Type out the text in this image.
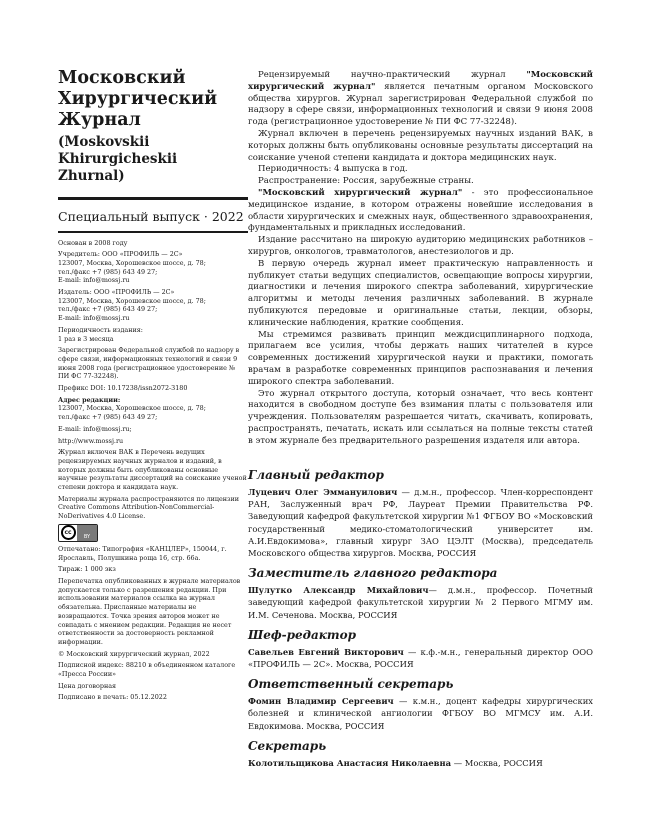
Московский
Хирургический
Журнал
(Moskovskii
Khirurgicheskii
Zhurnal)
Специальный выпуск · 2022

Основан в 2008 году

Учредитель: ООО «ПРОФИЛЬ — 2С»
123007, Москва, Хорошевское шоссе, д. 78;
тел./факс +7 (985) 643 49 27;
E-mail: info@mossj.ru

Издатель: ООО «ПРОФИЛЬ — 2С»
123007, Москва, Хорошевское шоссе, д. 78;
тел./факс +7 (985) 643 49 27;
E-mail: info@mossj.ru

Периодичность издания:
1 раз в 3 месяца

Зарегистрирован Федеральной службой по надзору в сфере связи, информационных технологий и связи 9 июня 2008 года (регистрационное удостоверение № ПИ ФС 77-32248).

Префикс DOI: 10.17238/issn2072-3180

Адрес редакции:

123007, Москва, Хорошевское шоссе, д. 78;
тел./факс +7 (985) 643 49 27;

E-mail: info@mossj.ru;

http://www.mossj.ru

Журнал включен ВАК в Перечень ведущих рецензируемых научных журналов и изданий, в которых должны быть опубликованы основные научные результаты диссертаций на соискание ученой степени доктора и кандидата наук.

Материалы журнала распространяются по лицензии Creative Commons Attribution-NonCommercial-NoDerivatives 4.0 License.

cc
BY

Отпечатано: Типография «КАНЦЛЕР», 150044, г. Ярославль, Полушкина роща 16, стр. 66а.

Тираж: 1 000 экз

Перепечатка опубликованных в журнале материалов допускается только с разрешения редакции. При использовании материалов ссылка на журнал обязательна. Присланные материалы не возвращаются. Точка зрения авторов может не совпадать с мнением редакции. Редакция не несет ответственности за достоверность рекламной информации.

© Московский хирургический журнал, 2022

Подписной индекс: 88210 в объединенном каталоге «Пресса России»

Цена договорная

Подписано в печать: 05.12.2022

Рецензируемый научно-практический журнал "Московский хирургический журнал" является печатным органом Московского общества хирургов. Журнал зарегистрирован Федеральной службой по надзору в сфере связи, информационных технологий и связи 9 июня 2008 года (регистрационное удостоверение № ПИ ФС 77-32248).

Журнал включен в перечень рецензируемых научных изданий ВАК, в которых должны быть опубликованы основные результаты диссертаций на соискание ученой степени кандидата и доктора медицинских наук.

Периодичность: 4 выпуска в год.

Распространение: Россия, зарубежные страны.

"Московский хирургический журнал" - это профессиональное медицинское издание, в котором отражены новейшие исследования в области хирургических и смежных наук, общественного здравоохранения, фундаментальных и прикладных исследований.

Издание рассчитано на широкую аудиторию медицинских работников – хирургов, онкологов, травматологов, анестезиологов и др.

В первую очередь журнал имеет практическую направленность и публикует статьи ведущих специалистов, освещающие вопросы хирургии, диагностики и лечения широкого спектра заболеваний, хирургические алгоритмы и методы лечения различных заболеваний. В журнале публикуются передовые и оригинальные статьи, лекции, обзоры, клинические наблюдения, краткие сообщения.

Мы стремимся развивать принцип междисциплинарного подхода, прилагаем все усилия, чтобы держать наших читателей в курсе современных достижений хирургической науки и практики, помогать врачам в разработке современных принципов распознавания и лечения широкого спектра заболеваний.

Это журнал открытого доступа, который означает, что весь контент находится в свободном доступе без взимания платы с пользователя или учреждения. Пользователям разрешается читать, скачивать, копировать, распространять, печатать, искать или ссылаться на полные тексты статей в этом журнале без предварительного разрешения издателя или автора.

Главный редактор

Луцевич Олег Эммануилович — д.м.н., профессор. Член-корреспондент РАН, Заслуженный врач РФ, Лауреат Премии Правительства РФ. Заведующий кафедрой факультетской хирургии №1 ФГБОУ ВО «Московский государственный медико-стоматологический университет им. А.И.Евдокимова», главный хирург ЗАО ЦЭЛТ (Москва), председатель Московского общества хирургов. Москва, РОССИЯ

Заместитель главного редактора

Шулутко Александр Михайлович— д.м.н., профессор. Почетный заведующий кафедрой факультетской хирургии № 2 Первого МГМУ им. И.М. Сеченова. Москва, РОССИЯ

Шеф-редактор

Савельев Евгений Викторович — к.ф.-м.н., генеральный директор ООО «ПРОФИЛЬ — 2С». Москва, РОССИЯ

Ответственный секретарь

Фомин Владимир Сергеевич — к.м.н., доцент кафедры хирургических болезней и клинической ангиологии ФГБОУ ВО МГМСУ им. А.И. Евдокимова. Москва, РОССИЯ

Секретарь

Колотильщикова Анастасия Николаевна — Москва, РОССИЯ
